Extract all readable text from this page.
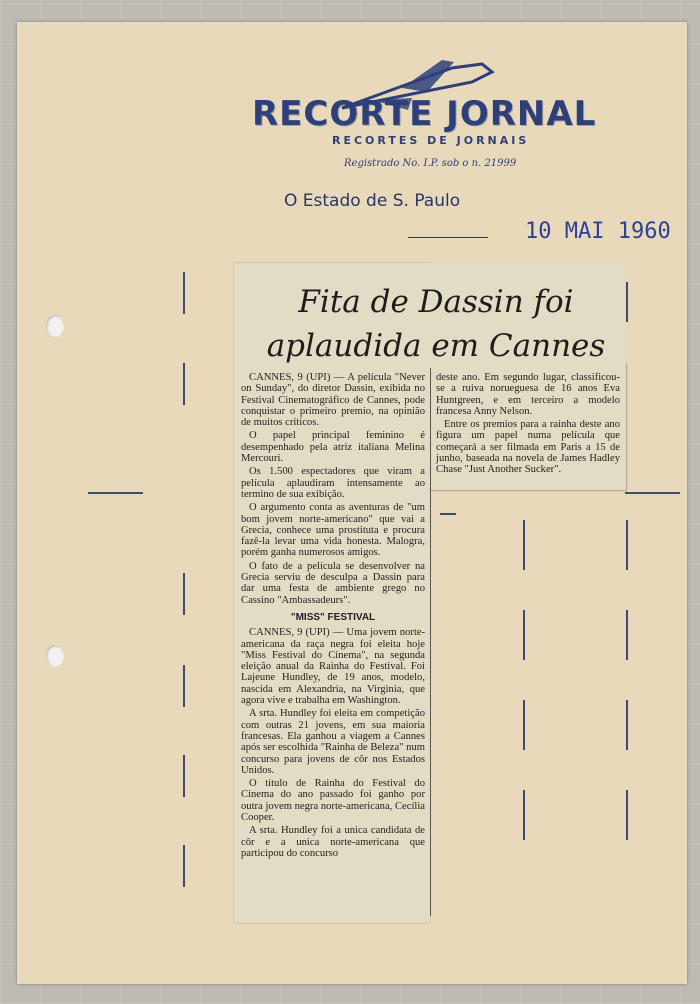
RECORTE JORNAL
RECORTES DE JORNAIS
Registrado No. I.P. sob o n. 21999
O Estado de S. Paulo
10 MAI 1960
Fita de Dassin foi
aplaudida em Cannes

CANNES, 9 (UPI) — A película "Never on Sunday", do diretor Dassin, exibida no Festival Cinematográfico de Cannes, pode conquistar o primeiro premio, na opinião de muitos críticos.

O papel principal feminino é desempenhado pela atriz italiana Melina Mercouri.

Os 1.500 espectadores que viram a película aplaudiram intensamente ao termino de sua exibição.

O argumento conta as aventuras de "um bom jovem norte-americano" que vai a Grecia, conhece uma prostituta e procura fazê-la levar uma vida honesta. Malogra, porém ganha numerosos amigos.

O fato de a película se desenvolver na Grecia serviu de desculpa a Dassin para dar uma festa de ambiente grego no Cassino "Ambassadeurs".

"MISS" FESTIVAL

CANNES, 9 (UPI) — Uma jovem norte-americana da raça negra foi eleita hoje "Miss Festival do Cinema", na segunda eleição anual da Rainha do Festival. Foi Lajeune Hundley, de 19 anos, modelo, nascida em Alexandria, na Virginia, que agora vive e trabalha em Washington.

A srta. Hundley foi eleita em competição com outras 21 jovens, em sua maioria francesas. Ela ganhou a viagem a Cannes após ser escolhida "Rainha de Beleza" num concurso para jovens de côr nos Estados Unidos.

O título de Rainha do Festival do Cinema do ano passado foi ganho por outra jovem negra norte-americana, Cecília Cooper.

A srta. Hundley foi a unica candidata de côr e a unica norte-americana que participou do concurso

deste ano. Em segundo lugar, classificou-se a ruiva norueguesa de 16 anos Eva Huntgreen, e em terceiro a modelo francesa Anny Nelson.

Entre os premios para a rainha deste ano figura um papel numa película que começará a ser filmada em Paris a 15 de junho, baseada na novela de James Hadley Chase "Just Another Sucker".
